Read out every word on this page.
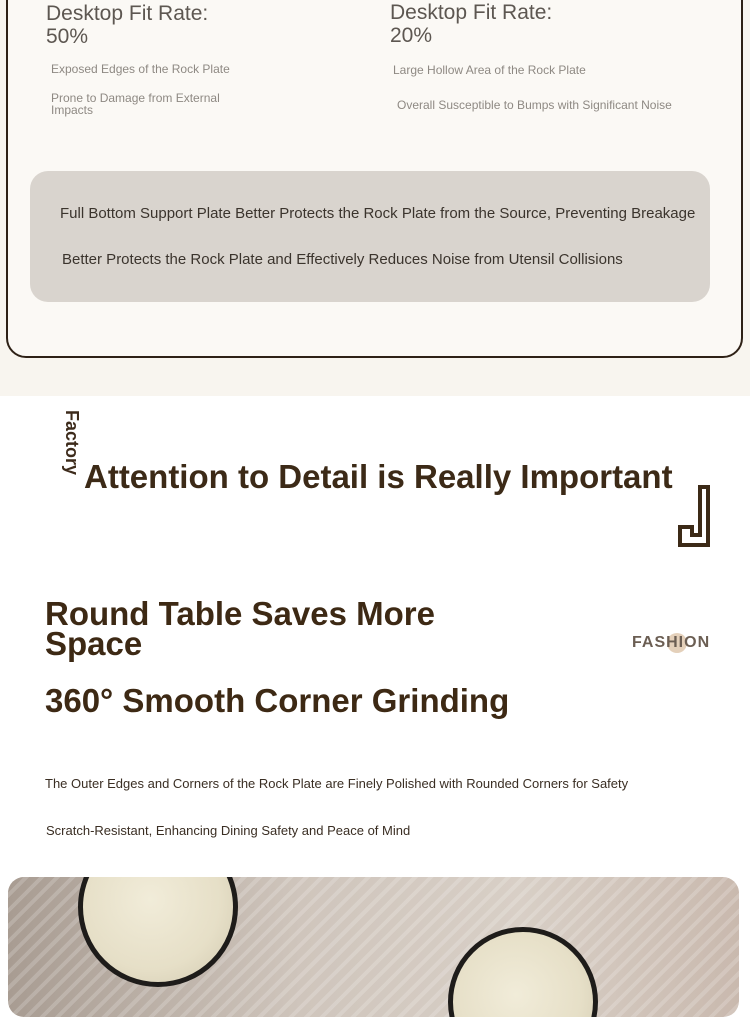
Desktop Fit Rate: 50%
Exposed Edges of the Rock Plate
Prone to Damage from External Impacts
Desktop Fit Rate: 20%
Large Hollow Area of the Rock Plate
Overall Susceptible to Bumps with Significant Noise
Full Bottom Support Plate Better Protects the Rock Plate from the Source, Preventing Breakage
Better Protects the Rock Plate and Effectively Reduces Noise from Utensil Collisions
Factory
Attention to Detail is Really Important
Round Table Saves More Space
360° Smooth Corner Grinding
FASHION
The Outer Edges and Corners of the Rock Plate are Finely Polished with Rounded Corners for Safety
Scratch-Resistant, Enhancing Dining Safety and Peace of Mind
